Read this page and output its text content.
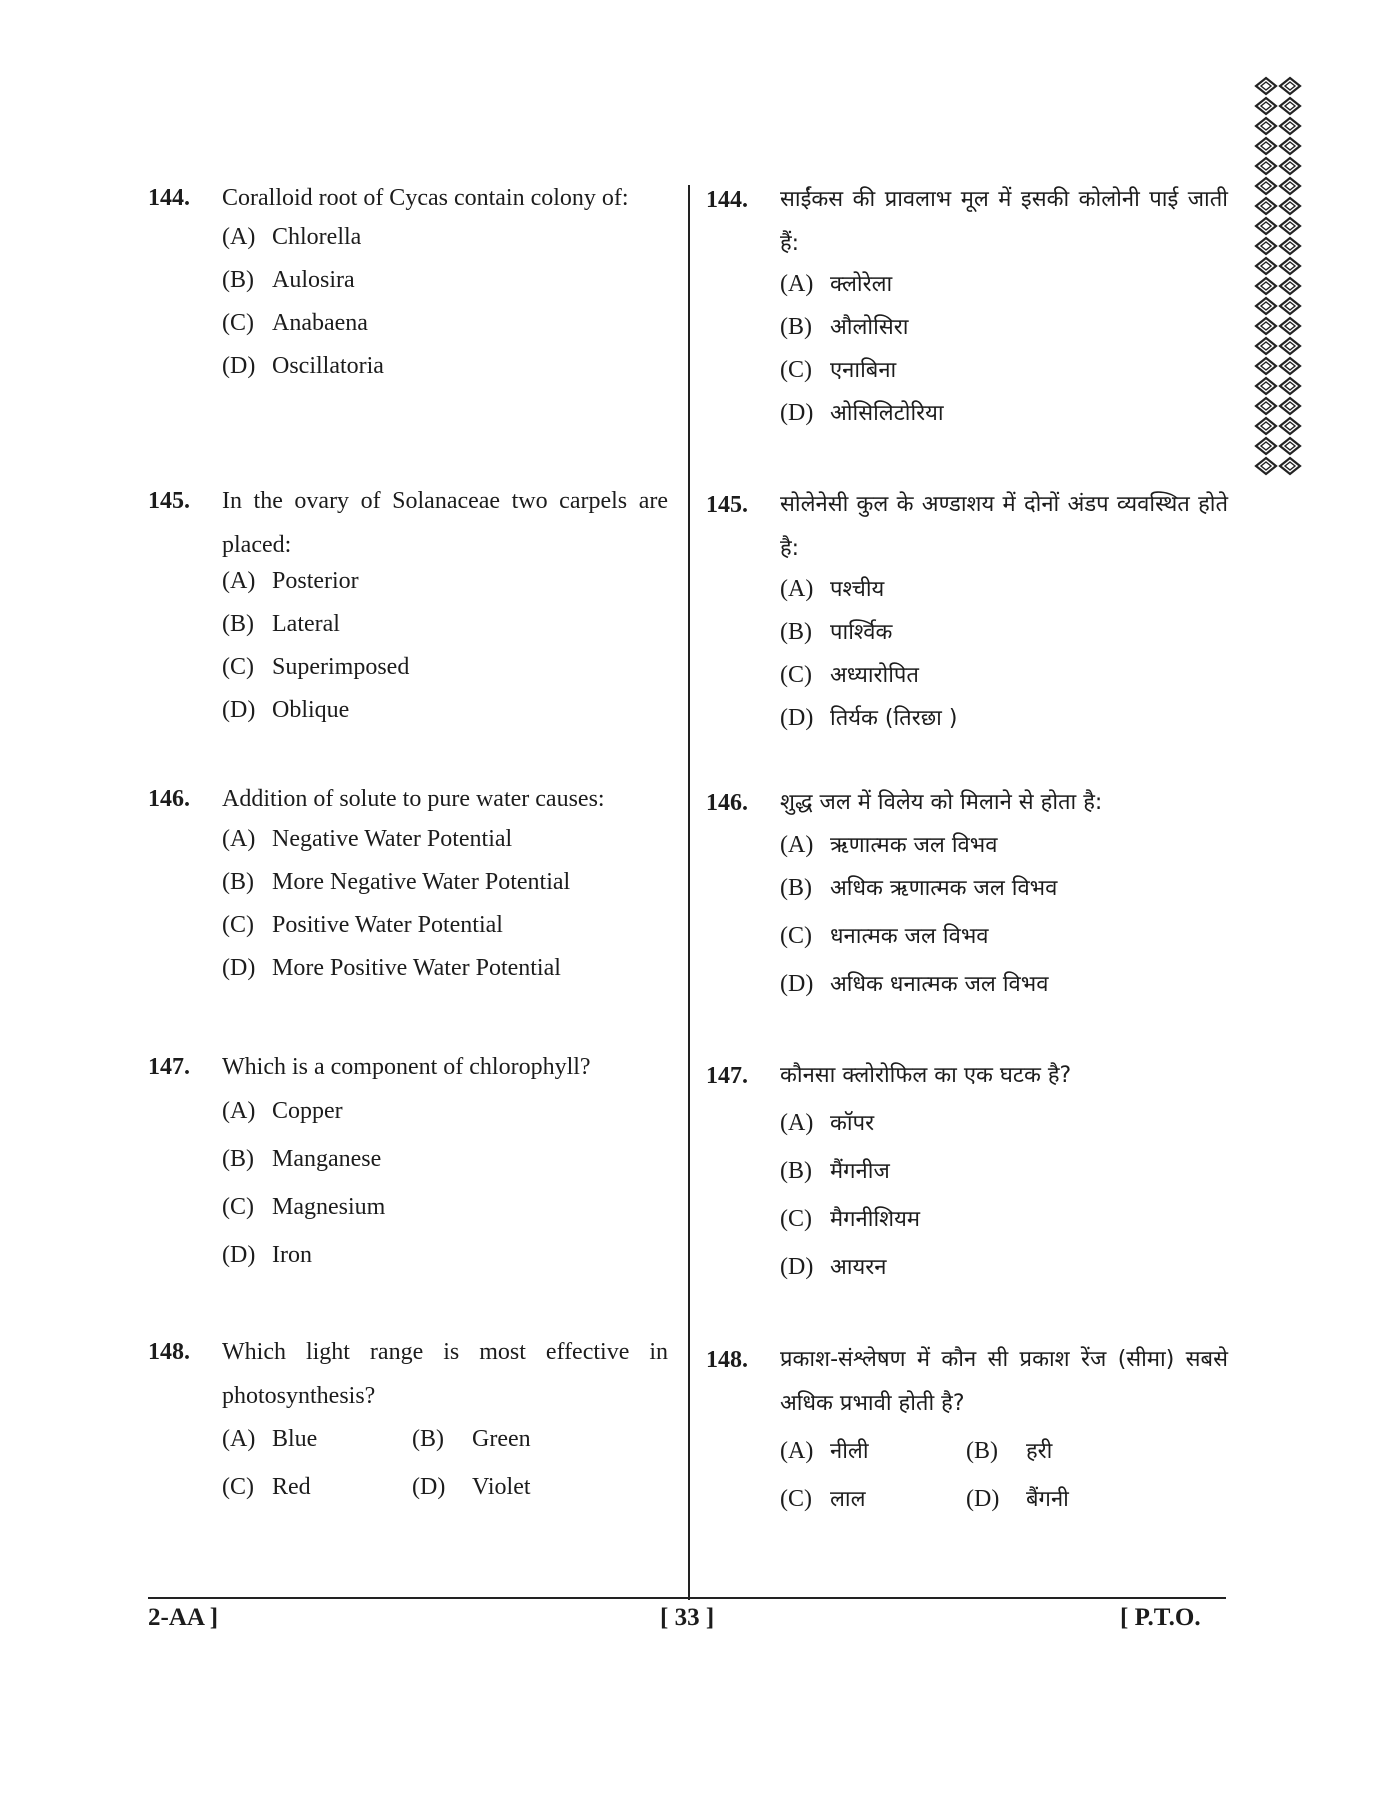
144. Coralloid root of Cycas contain colony of:
(A) Chlorella
(B) Aulosira
(C) Anabaena
(D) Oscillatoria
145. In the ovary of Solanaceae two carpels are placed:
(A) Posterior
(B) Lateral
(C) Superimposed
(D) Oblique
146. Addition of solute to pure water causes:
(A) Negative Water Potential
(B) More Negative Water Potential
(C) Positive Water Potential
(D) More Positive Water Potential
147. Which is a component of chlorophyll?
(A) Copper
(B) Manganese
(C) Magnesium
(D) Iron
148. Which light range is most effective in photosynthesis?
(A) Blue	(B) Green
(C) Red	(D) Violet
144. साईंकस की प्रावलाभ मूल में इसकी कोलोनी पाई जाती हैं:
(A) क्लोरेला
(B) औलोसिरा
(C) एनाबिना
(D) ओसिलिटोरिया
145. सोलेनेसी कुल के अण्डाशय में दोनों अंडप व्यवस्थित होते है:
(A) पश्चीय
(B) पार्श्विक
(C) अध्यारोपित
(D) तिर्यक (तिरछा )
146. शुद्ध जल में विलेय को मिलाने से होता है:
(A) ऋणात्मक जल विभव
(B) अधिक ऋणात्मक जल विभव
(C) धनात्मक जल विभव
(D) अधिक धनात्मक जल विभव
147. कौनसा क्लोरोफिल का एक घटक है?
(A) कॉपर
(B) मैंगनीज
(C) मैगनीशियम
(D) आयरन
148. प्रकाश-संश्लेषण में कौन सी प्रकाश रेंज (सीमा) सबसे अधिक प्रभावी होती है?
(A) नीली	(B) हरी
(C) लाल	(D) बैंगनी
2-AA ]	[ 33 ]	[ P.T.O.
